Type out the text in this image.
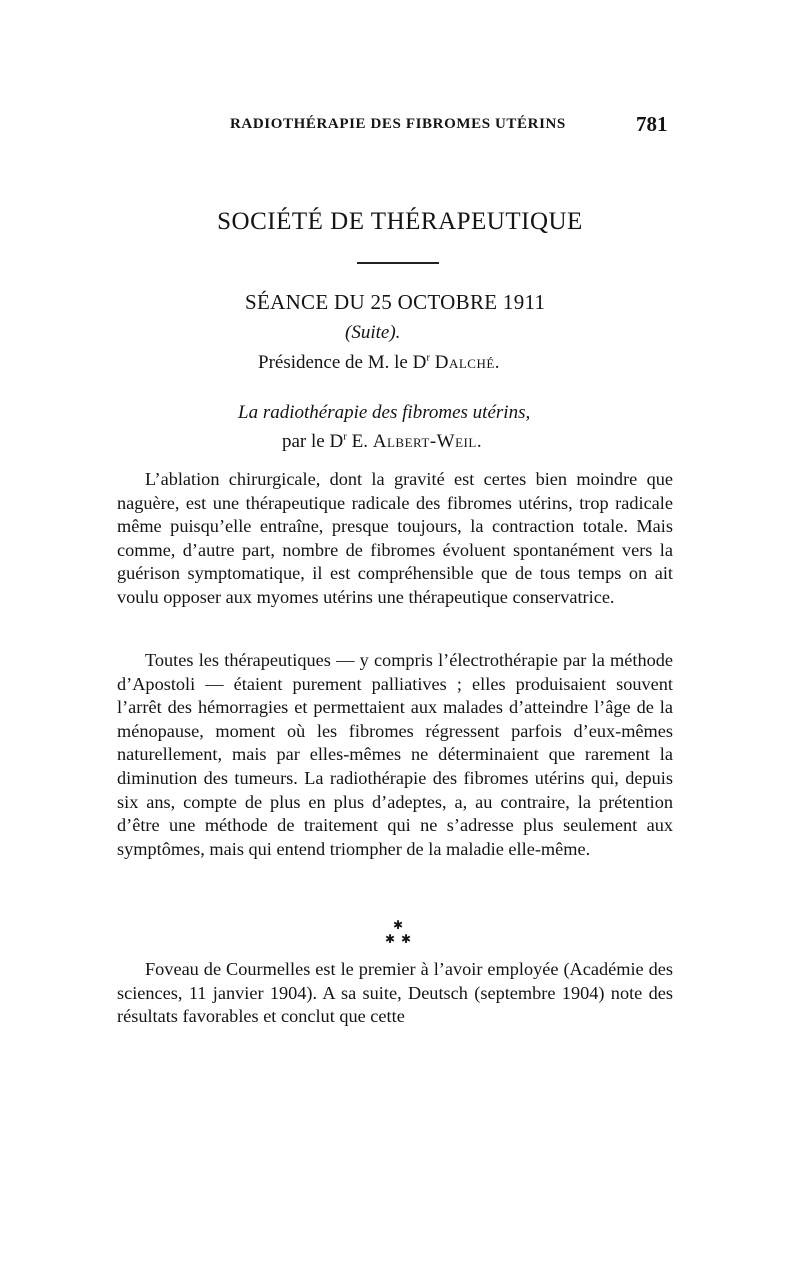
RADIOTHÉRAPIE DES FIBROMES UTÉRINS	781
SOCIÉTÉ DE THÉRAPEUTIQUE
SÉANCE DU 25 OCTOBRE 1911
(Suite).
Présidence de M. le $D^r$ Dalché.
La radiothérapie des fibromes utérins,
par le $D^r$ E. Albert-Weil.

L’ablation chirurgicale, dont la gravité est certes bien moindre que naguère, est une thérapeutique radicale des fibromes utérins, trop radicale même puisqu’elle entraîne, presque toujours, la contraction totale. Mais comme, d’autre part, nombre de fibromes évoluent spontanément vers la guérison symptomatique, il est compréhensible que de tous temps on ait voulu opposer aux myomes utérins une thérapeutique conservatrice.

Toutes les thérapeutiques — y compris l’électrothérapie par la méthode d’Apostoli — étaient purement palliatives ; elles produisaient souvent l’arrêt des hémorragies et permettaient aux malades d’atteindre l’âge de la ménopause, moment où les fibromes régressent parfois d’eux-mêmes naturellement, mais par elles-mêmes ne déterminaient que rarement la diminution des tumeurs. La radiothérapie des fibromes utérins qui, depuis six ans, compte de plus en plus d’adeptes, a, au contraire, la prétention d’être une méthode de traitement qui ne s’adresse plus seulement aux symptômes, mais qui entend triompher de la maladie elle-même.

✱
✱ ✱

Foveau de Courmelles est le premier à l’avoir employée (Académie des sciences, 11 janvier 1904). A sa suite, Deutsch (septembre 1904) note des résultats favorables et conclut que cette
